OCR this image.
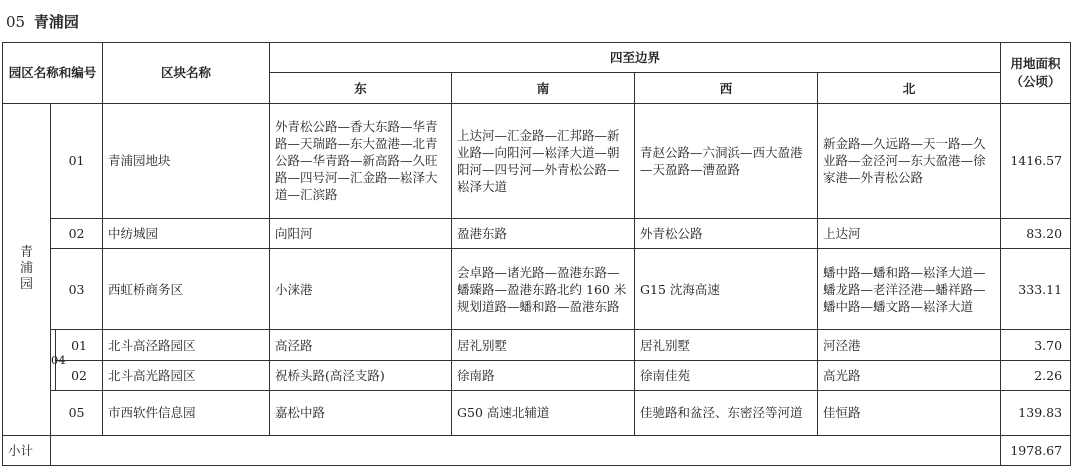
05 青浦园
园区名称和编号			区块名称	四至边界				用地面积（公顷）
				东	南	西	北	
青浦园	01		青浦园地块	外青松公路—香大东路—华青路—天瑞路—东大盈港—北青公路—华青路—新高路—久旺路—四号河—汇金路—崧泽大道—汇滨路	上达河—汇金路—汇邦路—新业路—向阳河—崧泽大道—朝阳河—四号河—外青松公路—崧泽大道	青赵公路—六洞浜—西大盈港—天盈路—漕盈路	新金路—久远路—天一路—久业路—金泾河—东大盈港—徐家港—外青松公路	1416.57
	02		中纺城园	向阳河	盈港东路	外青松公路	上达河	83.20
	03		西虹桥商务区	小涞港	会卓路—诸光路—盈港东路—蟠臻路—盈港东路北约 160 米规划道路—蟠和路—盈港东路	G15 沈海高速	蟠中路—蟠和路—崧泽大道—蟠龙路—老洋泾港—蟠祥路—蟠中路—蟠文路—崧泽大道	333.11
	04	01	北斗高泾路园区	高泾路	居礼别墅	居礼别墅	河泾港	3.70
		02	北斗高光路园区	祝桥头路(高泾支路)	徐南路	徐南佳苑	高光路	2.26
	05		市西软件信息园	嘉松中路	G50 高速北辅道	佳驰路和盆泾、东密泾等河道	佳恒路	139.83
小计								1978.67
